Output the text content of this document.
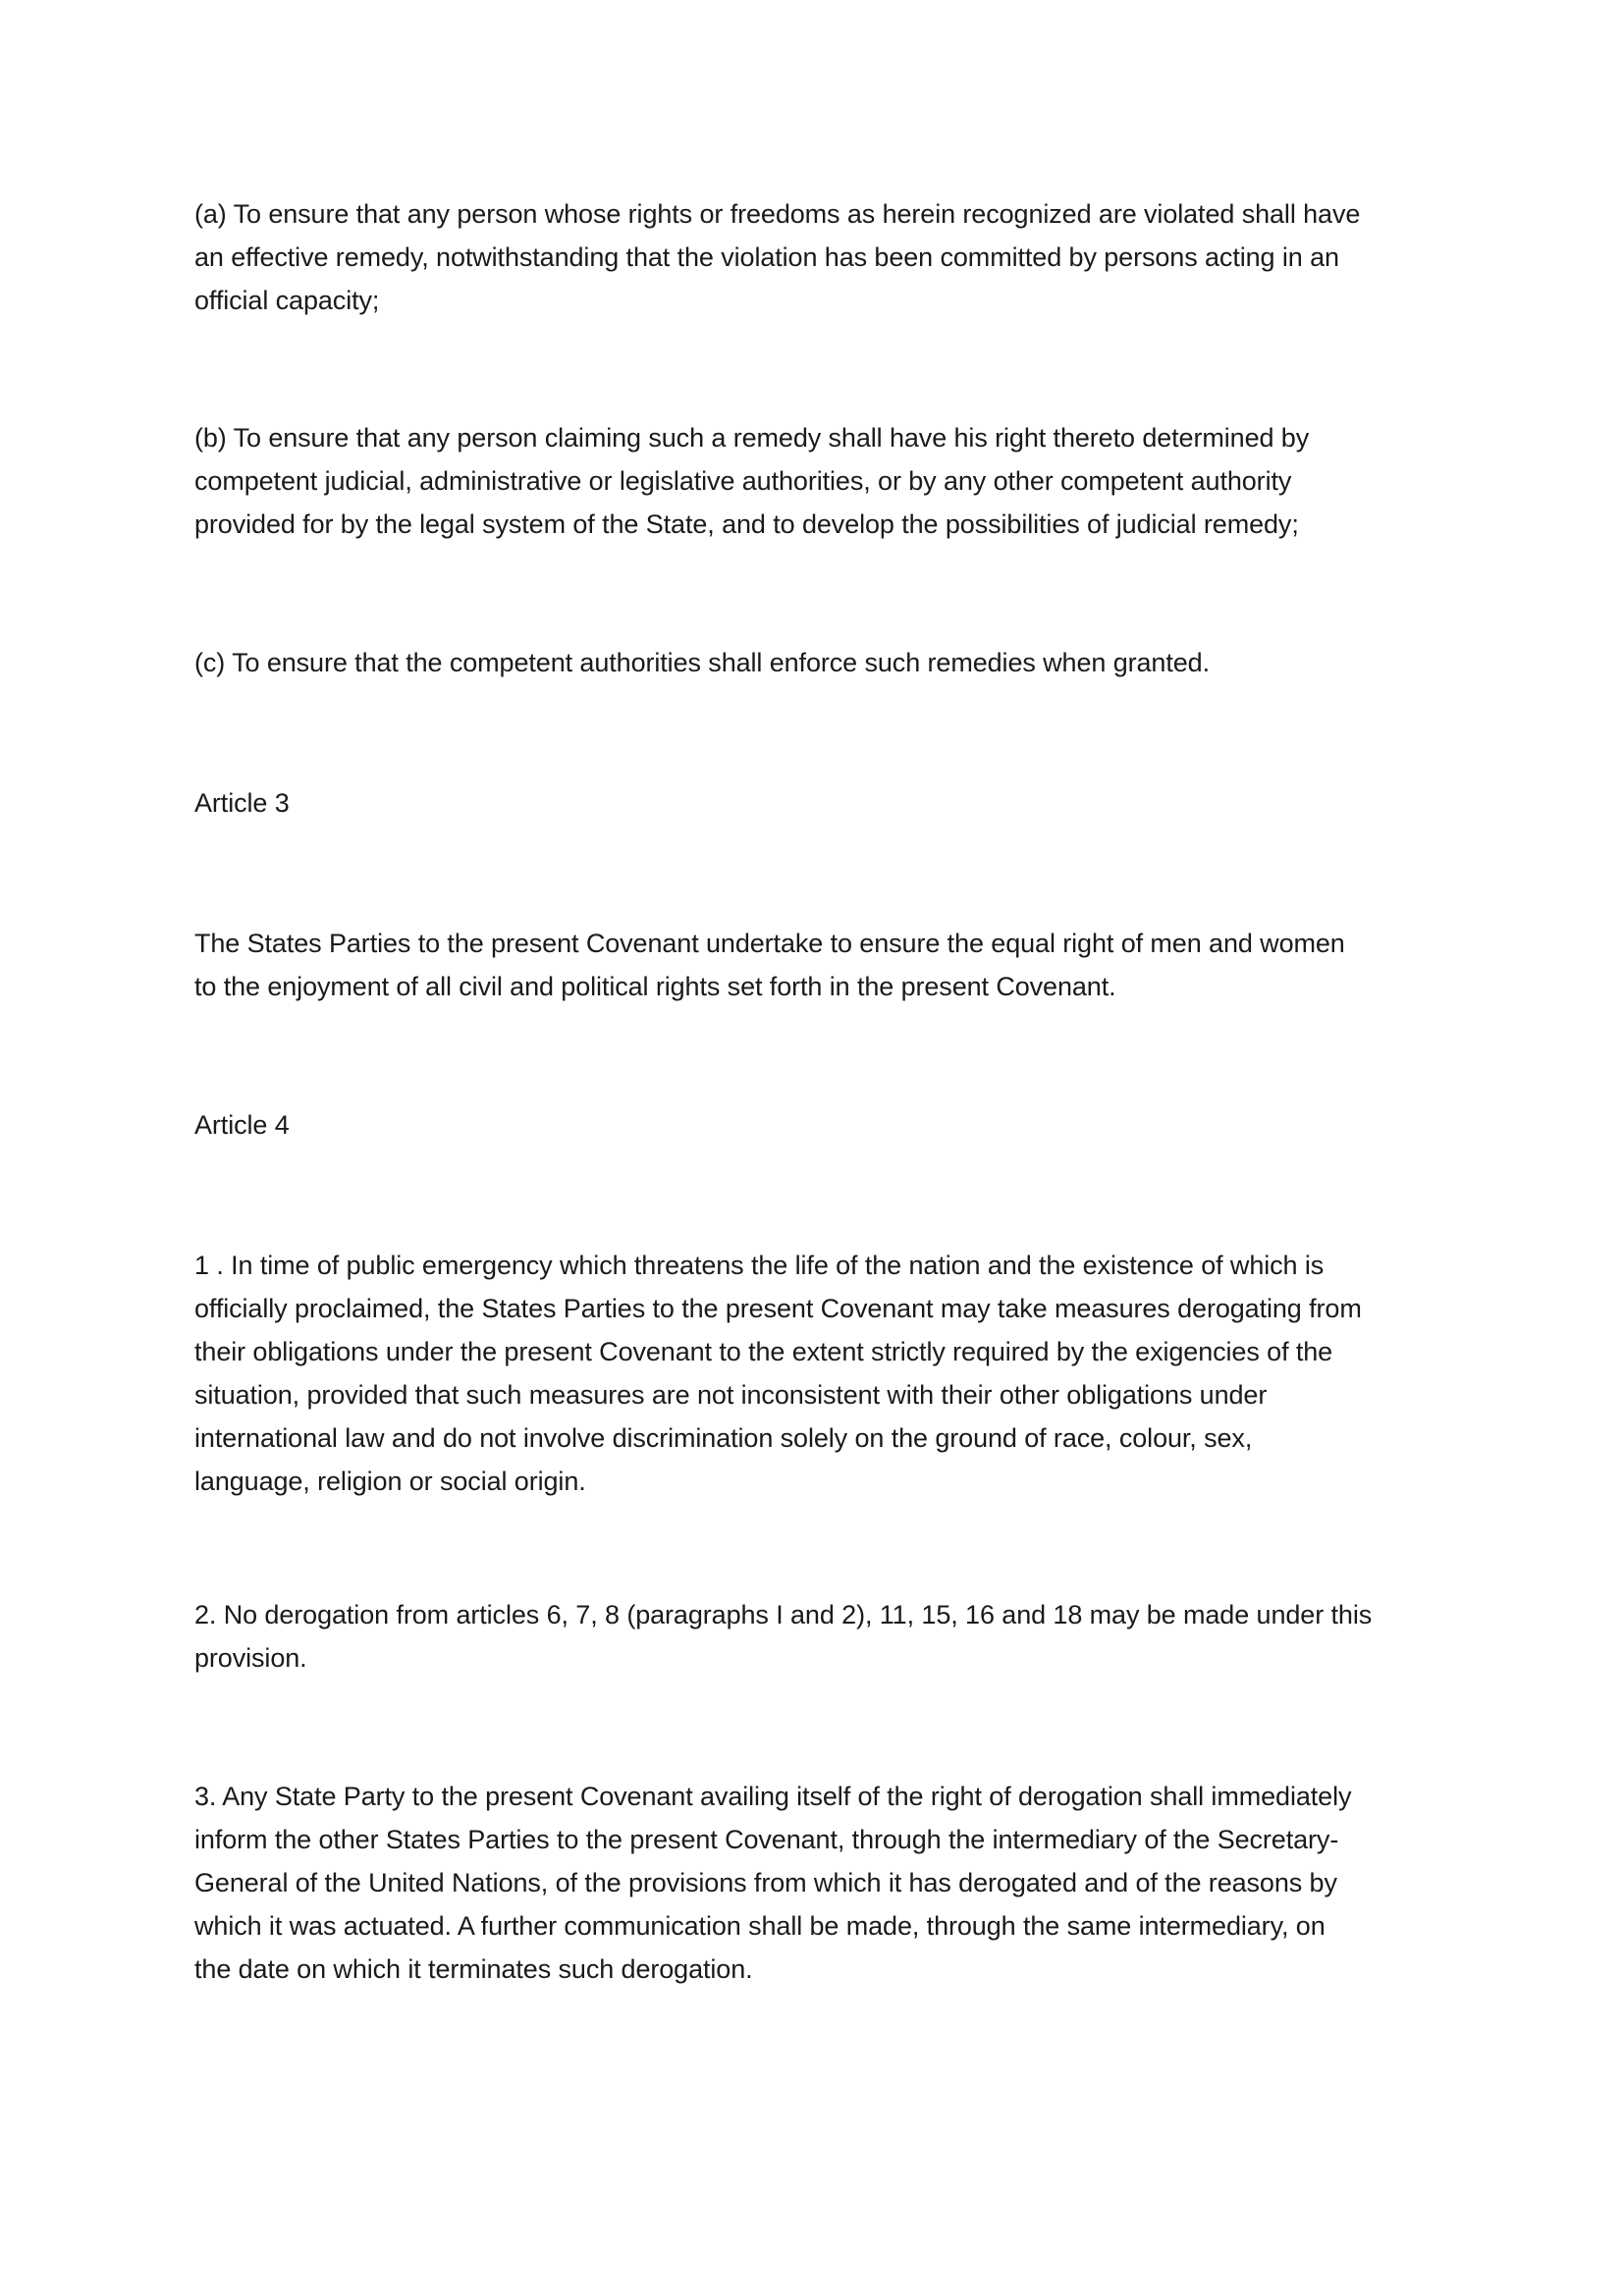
(a) To ensure that any person whose rights or freedoms as herein recognized are violated shall have
an effective remedy, notwithstanding that the violation has been committed by persons acting in an
official capacity;

(b) To ensure that any person claiming such a remedy shall have his right thereto determined by
competent judicial, administrative or legislative authorities, or by any other competent authority
provided for by the legal system of the State, and to develop the possibilities of judicial remedy;

(c) To ensure that the competent authorities shall enforce such remedies when granted.

Article 3

The States Parties to the present Covenant undertake to ensure the equal right of men and women
to the enjoyment of all civil and political rights set forth in the present Covenant.

Article 4

1 . In time of public emergency which threatens the life of the nation and the existence of which is
officially proclaimed, the States Parties to the present Covenant may take measures derogating from
their obligations under the present Covenant to the extent strictly required by the exigencies of the
situation, provided that such measures are not inconsistent with their other obligations under
international law and do not involve discrimination solely on the ground of race, colour, sex,
language, religion or social origin.

2. No derogation from articles 6, 7, 8 (paragraphs I and 2), 11, 15, 16 and 18 may be made under this
provision.

3. Any State Party to the present Covenant availing itself of the right of derogation shall immediately
inform the other States Parties to the present Covenant, through the intermediary of the Secretary-
General of the United Nations, of the provisions from which it has derogated and of the reasons by
which it was actuated. A further communication shall be made, through the same intermediary, on
the date on which it terminates such derogation.
